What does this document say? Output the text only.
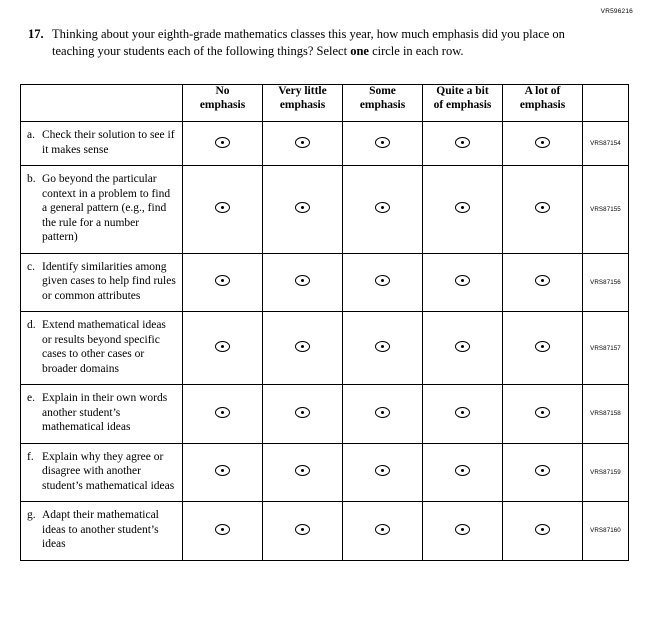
VR596216
17. Thinking about your eighth-grade mathematics classes this year, how much emphasis did you place on teaching your students each of the following things? Select one circle in each row.

No
emphasis

Very little
emphasis

Some
emphasis

Quite a bit
of emphasis

A lot of
emphasis

a. Check their solution to see if it makes sense						VRS87154

b. Go beyond the particular context in a problem to find a general pattern (e.g., find the rule for a number pattern)						VRS87155

c. Identify similarities among given cases to help find rules or common attributes						VRS87156

d. Extend mathematical ideas or results beyond specific cases to other cases or broader domains						VRS87157

e. Explain in their own words another student’s mathematical ideas						VRS87158

f. Explain why they agree or disagree with another student’s mathematical ideas						VRS87159

g. Adapt their mathematical ideas to another student’s ideas						VRS87160
